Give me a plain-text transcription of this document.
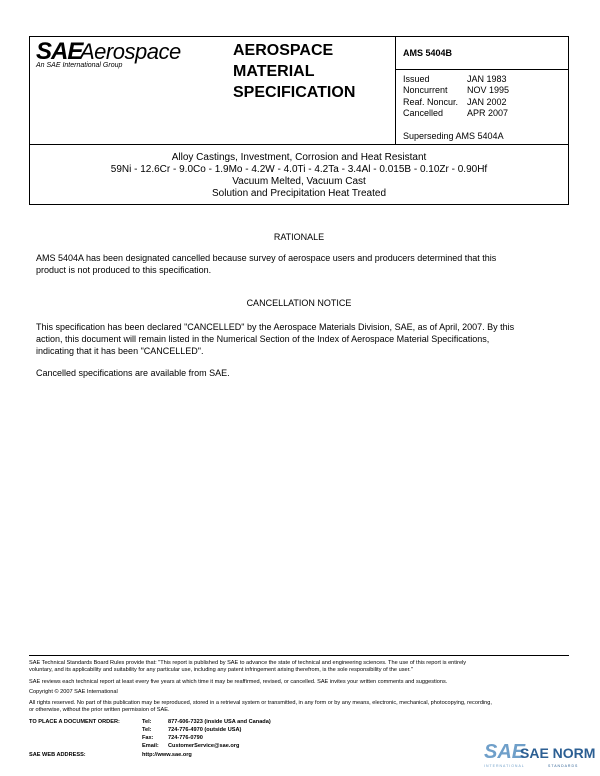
SAE
Aerospace
An SAE International Group
AEROSPACE
MATERIAL
SPECIFICATION
AMS 5404B
Issued	JAN 1983
Noncurrent NOV 1995
Reaf. Noncur. JAN 2002
Cancelled	APR 2007
Superseding AMS 5404A
Alloy Castings, Investment, Corrosion and Heat Resistant
59Ni - 12.6Cr - 9.0Co - 1.9Mo - 4.2W - 4.0Ti - 4.2Ta - 3.4Al - 0.015B - 0.10Zr - 0.90Hf
Vacuum Melted, Vacuum Cast
Solution and Precipitation Heat Treated
RATIONALE
AMS 5404A has been designated cancelled because survey of aerospace users and producers determined that this
product is not produced to this specification.
CANCELLATION NOTICE
This specification has been declared "CANCELLED" by the Aerospace Materials Division, SAE, as of April, 2007. By this
action, this document will remain listed in the Numerical Section of the Index of Aerospace Material Specifications,
indicating that it has been "CANCELLED".
Cancelled specifications are available from SAE.
SAE Technical Standards Board Rules provide that: "This report is published by SAE to advance the state of technical and engineering sciences. The use of this report is entirely
voluntary, and its applicability and suitability for any particular use, including any patent infringement arising therefrom, is the sole responsibility of the user."
SAE reviews each technical report at least every five years at which time it may be reaffirmed, revised, or cancelled. SAE invites your written comments and suggestions.
Copyright © 2007 SAE International
All rights reserved. No part of this publication may be reproduced, stored in a retrieval system or transmitted, in any form or by any means, electronic, mechanical, photocopying, recording,
or otherwise, without the prior written permission of SAE.
TO PLACE A DOCUMENT ORDER:	Tel:	877-606-7323 (inside USA and Canada)
Tel:	724-776-4970 (outside USA)
Fax:	724-776-0790
Email: CustomerService@sae.org
SAE WEB ADDRESS:	http://www.sae.org	SAE
SAE NORM
INTERNATIONAL	STANDARDS
